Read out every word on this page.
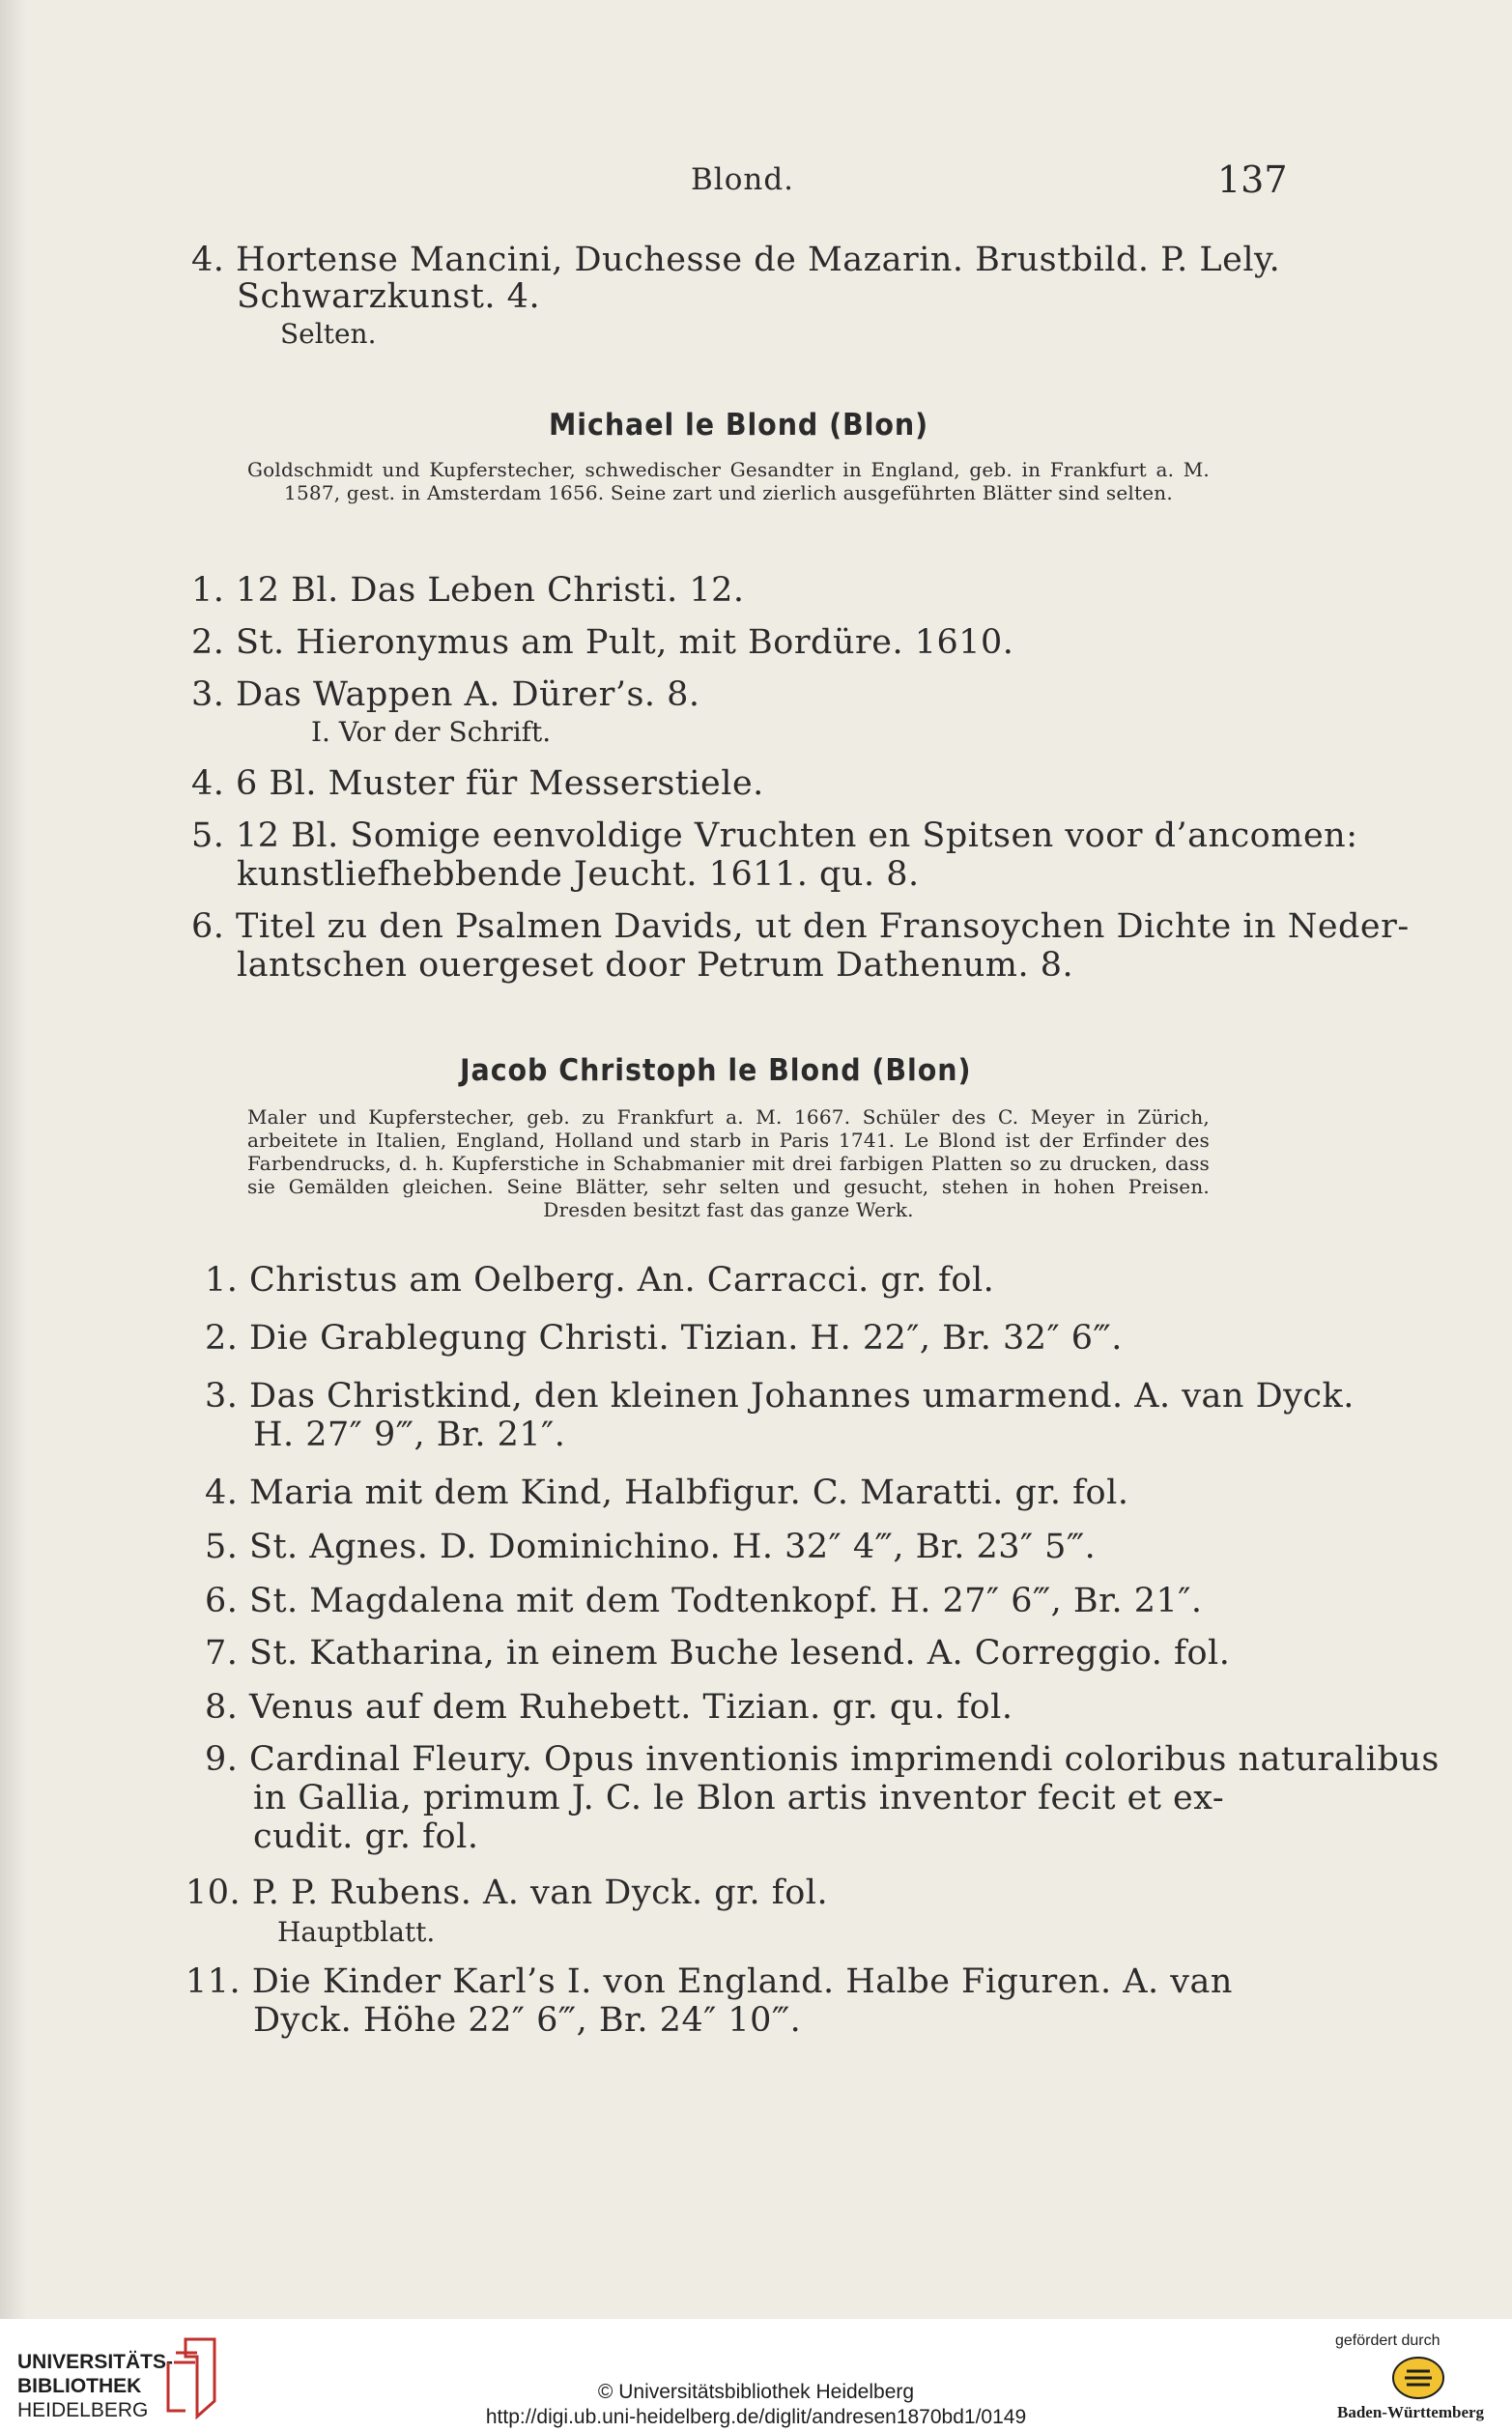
Blond.	137
4. Hortense Mancini, Duchesse de Mazarin. Brustbild. P. Lely.
Schwarzkunst. 4.
Selten.
Michael le Blond (Blon)
Goldschmidt und Kupferstecher, schwedischer Gesandter in England, geb. in Frankfurt a. M. 1587, gest. in Amsterdam 1656. Seine zart und zierlich ausgeführten Blätter sind selten.
1. 12 Bl. Das Leben Christi. 12.
2. St. Hieronymus am Pult, mit Bordüre. 1610.
3. Das Wappen A. Dürer’s. 8.
I. Vor der Schrift.
4. 6 Bl. Muster für Messerstiele.
5. 12 Bl. Somige eenvoldige Vruchten en Spitsen voor d’ancomen:
kunstliefhebbende Jeucht. 1611. qu. 8.
6. Titel zu den Psalmen Davids, ut den Fransoychen Dichte in Neder-
lantschen ouergeset door Petrum Dathenum. 8.
Jacob Christoph le Blond (Blon)
Maler und Kupferstecher, geb. zu Frankfurt a. M. 1667. Schüler des C. Meyer in Zürich, arbeitete in Italien, England, Holland und starb in Paris 1741. Le Blond ist der Erfinder des Farbendrucks, d. h. Kupferstiche in Schabmanier mit drei farbigen Platten so zu drucken, dass sie Gemälden gleichen. Seine Blätter, sehr selten und gesucht, stehen in hohen Preisen. Dresden besitzt fast das ganze Werk.
1. Christus am Oelberg. An. Carracci. gr. fol.
2. Die Grablegung Christi. Tizian. H. 22″, Br. 32″ 6‴.
3. Das Christkind, den kleinen Johannes umarmend. A. van Dyck.
H. 27″ 9‴, Br. 21″.
4. Maria mit dem Kind, Halbfigur. C. Maratti. gr. fol.
5. St. Agnes. D. Dominichino. H. 32″ 4‴, Br. 23″ 5‴.
6. St. Magdalena mit dem Todtenkopf. H. 27″ 6‴, Br. 21″.
7. St. Katharina, in einem Buche lesend. A. Correggio. fol.
8. Venus auf dem Ruhebett. Tizian. gr. qu. fol.
9. Cardinal Fleury. Opus inventionis imprimendi coloribus naturalibus
in Gallia, primum J. C. le Blon artis inventor fecit et ex-
cudit. gr. fol.
10. P. P. Rubens. A. van Dyck. gr. fol.
Hauptblatt.
11. Die Kinder Karl’s I. von England. Halbe Figuren. A. van
Dyck. Höhe 22″ 6‴, Br. 24″ 10‴.
UNIVERSITÄTS-
BIBLIOTHEK
HEIDELBERG
© Universitätsbibliothek Heidelberg
http://digi.ub.uni-heidelberg.de/diglit/andresen1870bd1/0149
gefördert durch
Baden-Württemberg
